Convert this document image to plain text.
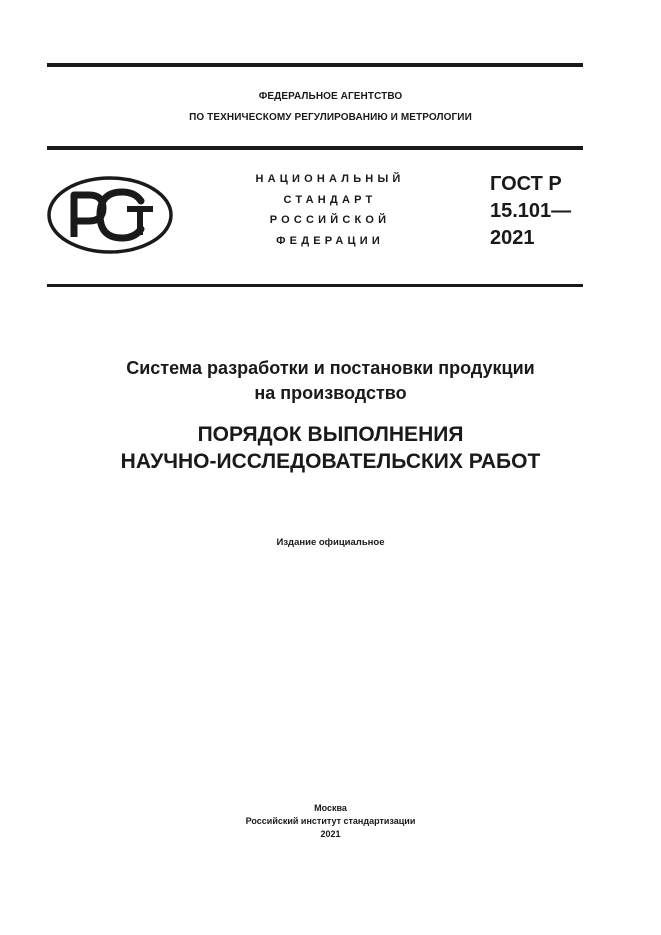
ФЕДЕРАЛЬНОЕ АГЕНТСТВО
ПО ТЕХНИЧЕСКОМУ РЕГУЛИРОВАНИЮ И МЕТРОЛОГИИ
НАЦИОНАЛЬНЫЙ
СТАНДАРТ
РОССИЙСКОЙ
ФЕДЕРАЦИИ
ГОСТ Р
15.101—
2021
Система разработки и постановки продукции
на производство
ПОРЯДОК ВЫПОЛНЕНИЯ
НАУЧНО-ИССЛЕДОВАТЕЛЬСКИХ РАБОТ
Издание официальное
Москва
Российский институт стандартизации
2021
